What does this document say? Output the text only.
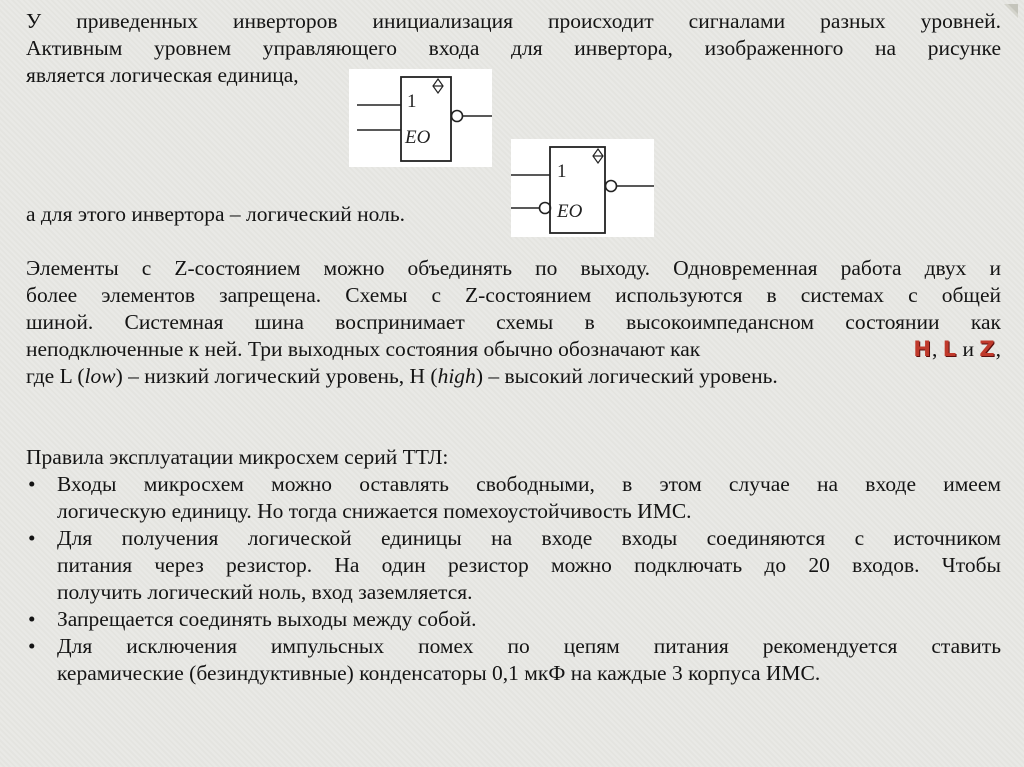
У приведенных инверторов инициализация происходит сигналами разных уровней.
Активным уровнем управляющего входа для инвертора, изображенного на рисунке
является логическая единица,
а для этого инвертора – логический ноль.
1
EO
1
EO
Элементы с Z-состоянием можно объединять по выходу. Одновременная работа двух и
более элементов запрещена. Схемы с Z-состоянием используются в системах с общей
шиной. Системная шина воспринимает схемы в высокоимпедансном состоянии как
неподключенные к ней. Три выходных состояния обычно обозначают как	H, L и Z,
где L (low) – низкий логический уровень, H (high) – высокий логический уровень.
Правила эксплуатации микросхем серий ТТЛ:
• Входы микросхем можно оставлять свободными, в этом случае на входе имеем
логическую единицу. Но тогда снижается помехоустойчивость ИМС.
• Для получения логической единицы на входе входы соединяются с источником
питания через резистор. На один резистор можно подключать до 20 входов. Чтобы
получить логический ноль, вход заземляется.
• Запрещается соединять выходы между собой.
• Для исключения импульсных помех по цепям питания рекомендуется ставить
керамические (безиндуктивные) конденсаторы 0,1 мкФ на каждые 3 корпуса ИМС.
